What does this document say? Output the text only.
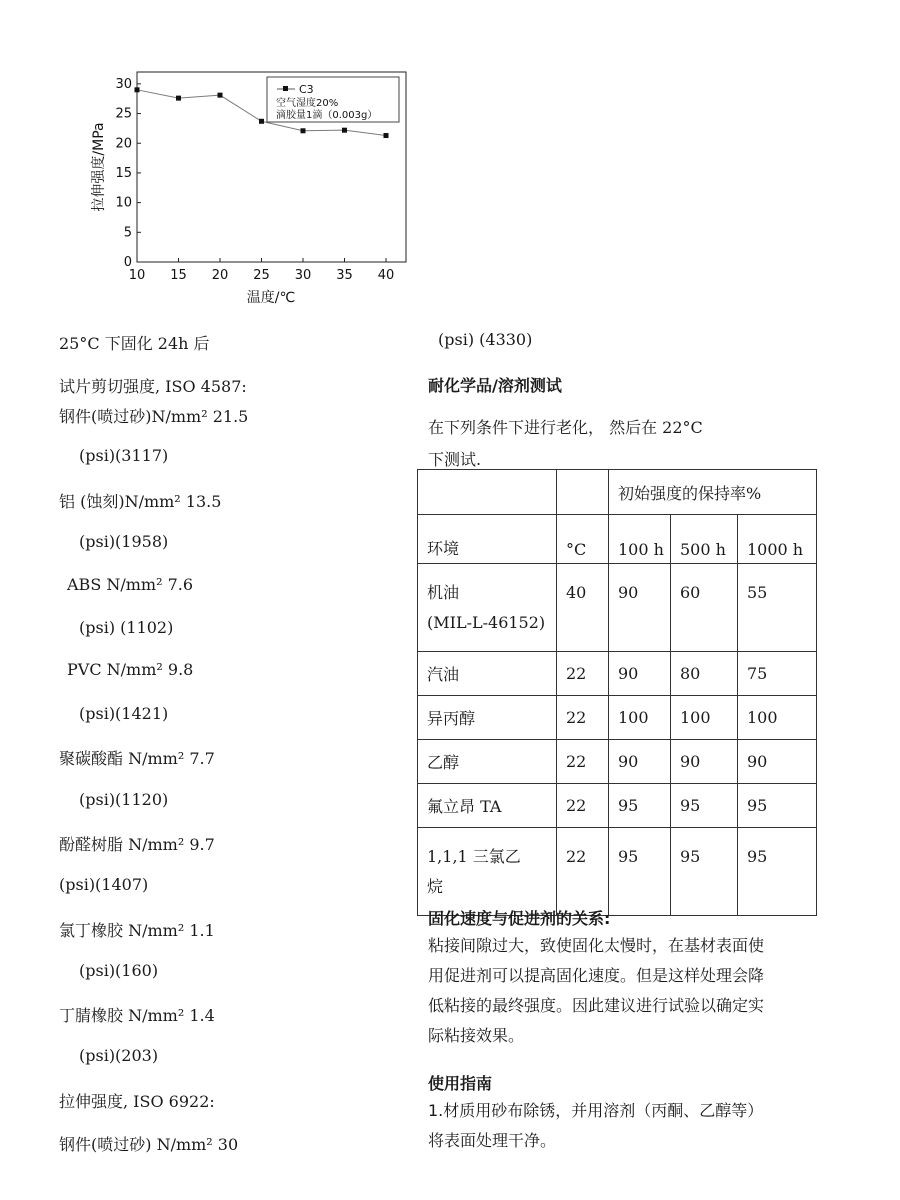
0
5
10
15
20
25
30
10 15 20 25 30 35 40
拉伸强度/MPa
温度/℃
C3
空气湿度20%
滴胶量1滴（0.003g）
25°C 下固化 24h 后
试片剪切强度, ISO 4587:
钢件(喷过砂)N/mm² 21.5
(psi)(3117)
铝 (蚀刻)N/mm² 13.5
(psi)(1958)
ABS N/mm² 7.6
(psi) (1102)
PVC N/mm² 9.8
(psi)(1421)
聚碳酸酯 N/mm² 7.7
(psi)(1120)
酚醛树脂 N/mm² 9.7
(psi)(1407)
氯丁橡胶 N/mm² 1.1
(psi)(160)
丁腈橡胶 N/mm² 1.4
(psi)(203)
拉伸强度, ISO 6922:
钢件(喷过砂) N/mm² 30
(psi) (4330)
耐化学品/溶剂测试
在下列条件下进行老化， 然后在 22°C
下测试.
		初始强度的保持率%		
环境	°C	100 h	500 h	1000 h
机油
(MIL-L-46152)	40	90	60	55
汽油	22	90	80	75
异丙醇	22	100	100	100
乙醇	22	90	90	90
氟立昂 TA	22	95	95	95
1,1,1 三氯乙
烷	22	95	95	95
固化速度与促进剂的关系:
粘接间隙过大，致使固化太慢时，在基材表面使用促进剂可以提高固化速度。但是这样处理会降低粘接的最终强度。因此建议进行试验以确定实际粘接效果。
使用指南
1.材质用砂布除锈，并用溶剂（丙酮、乙醇等）将表面处理干净。
